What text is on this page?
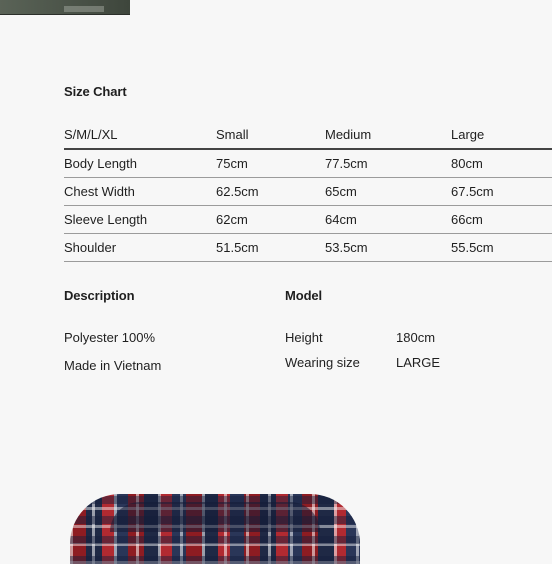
Size Chart
S/M/L/XL	Small	Medium	Large
Body Length	75cm	77.5cm	80cm
Chest Width	62.5cm	65cm	67.5cm
Sleeve Length	62cm	64cm	66cm
Shoulder	51.5cm	53.5cm	55.5cm
Description	Model
Polyester 100%
Made in Vietnam
Height	180cm
Wearing size	LARGE
